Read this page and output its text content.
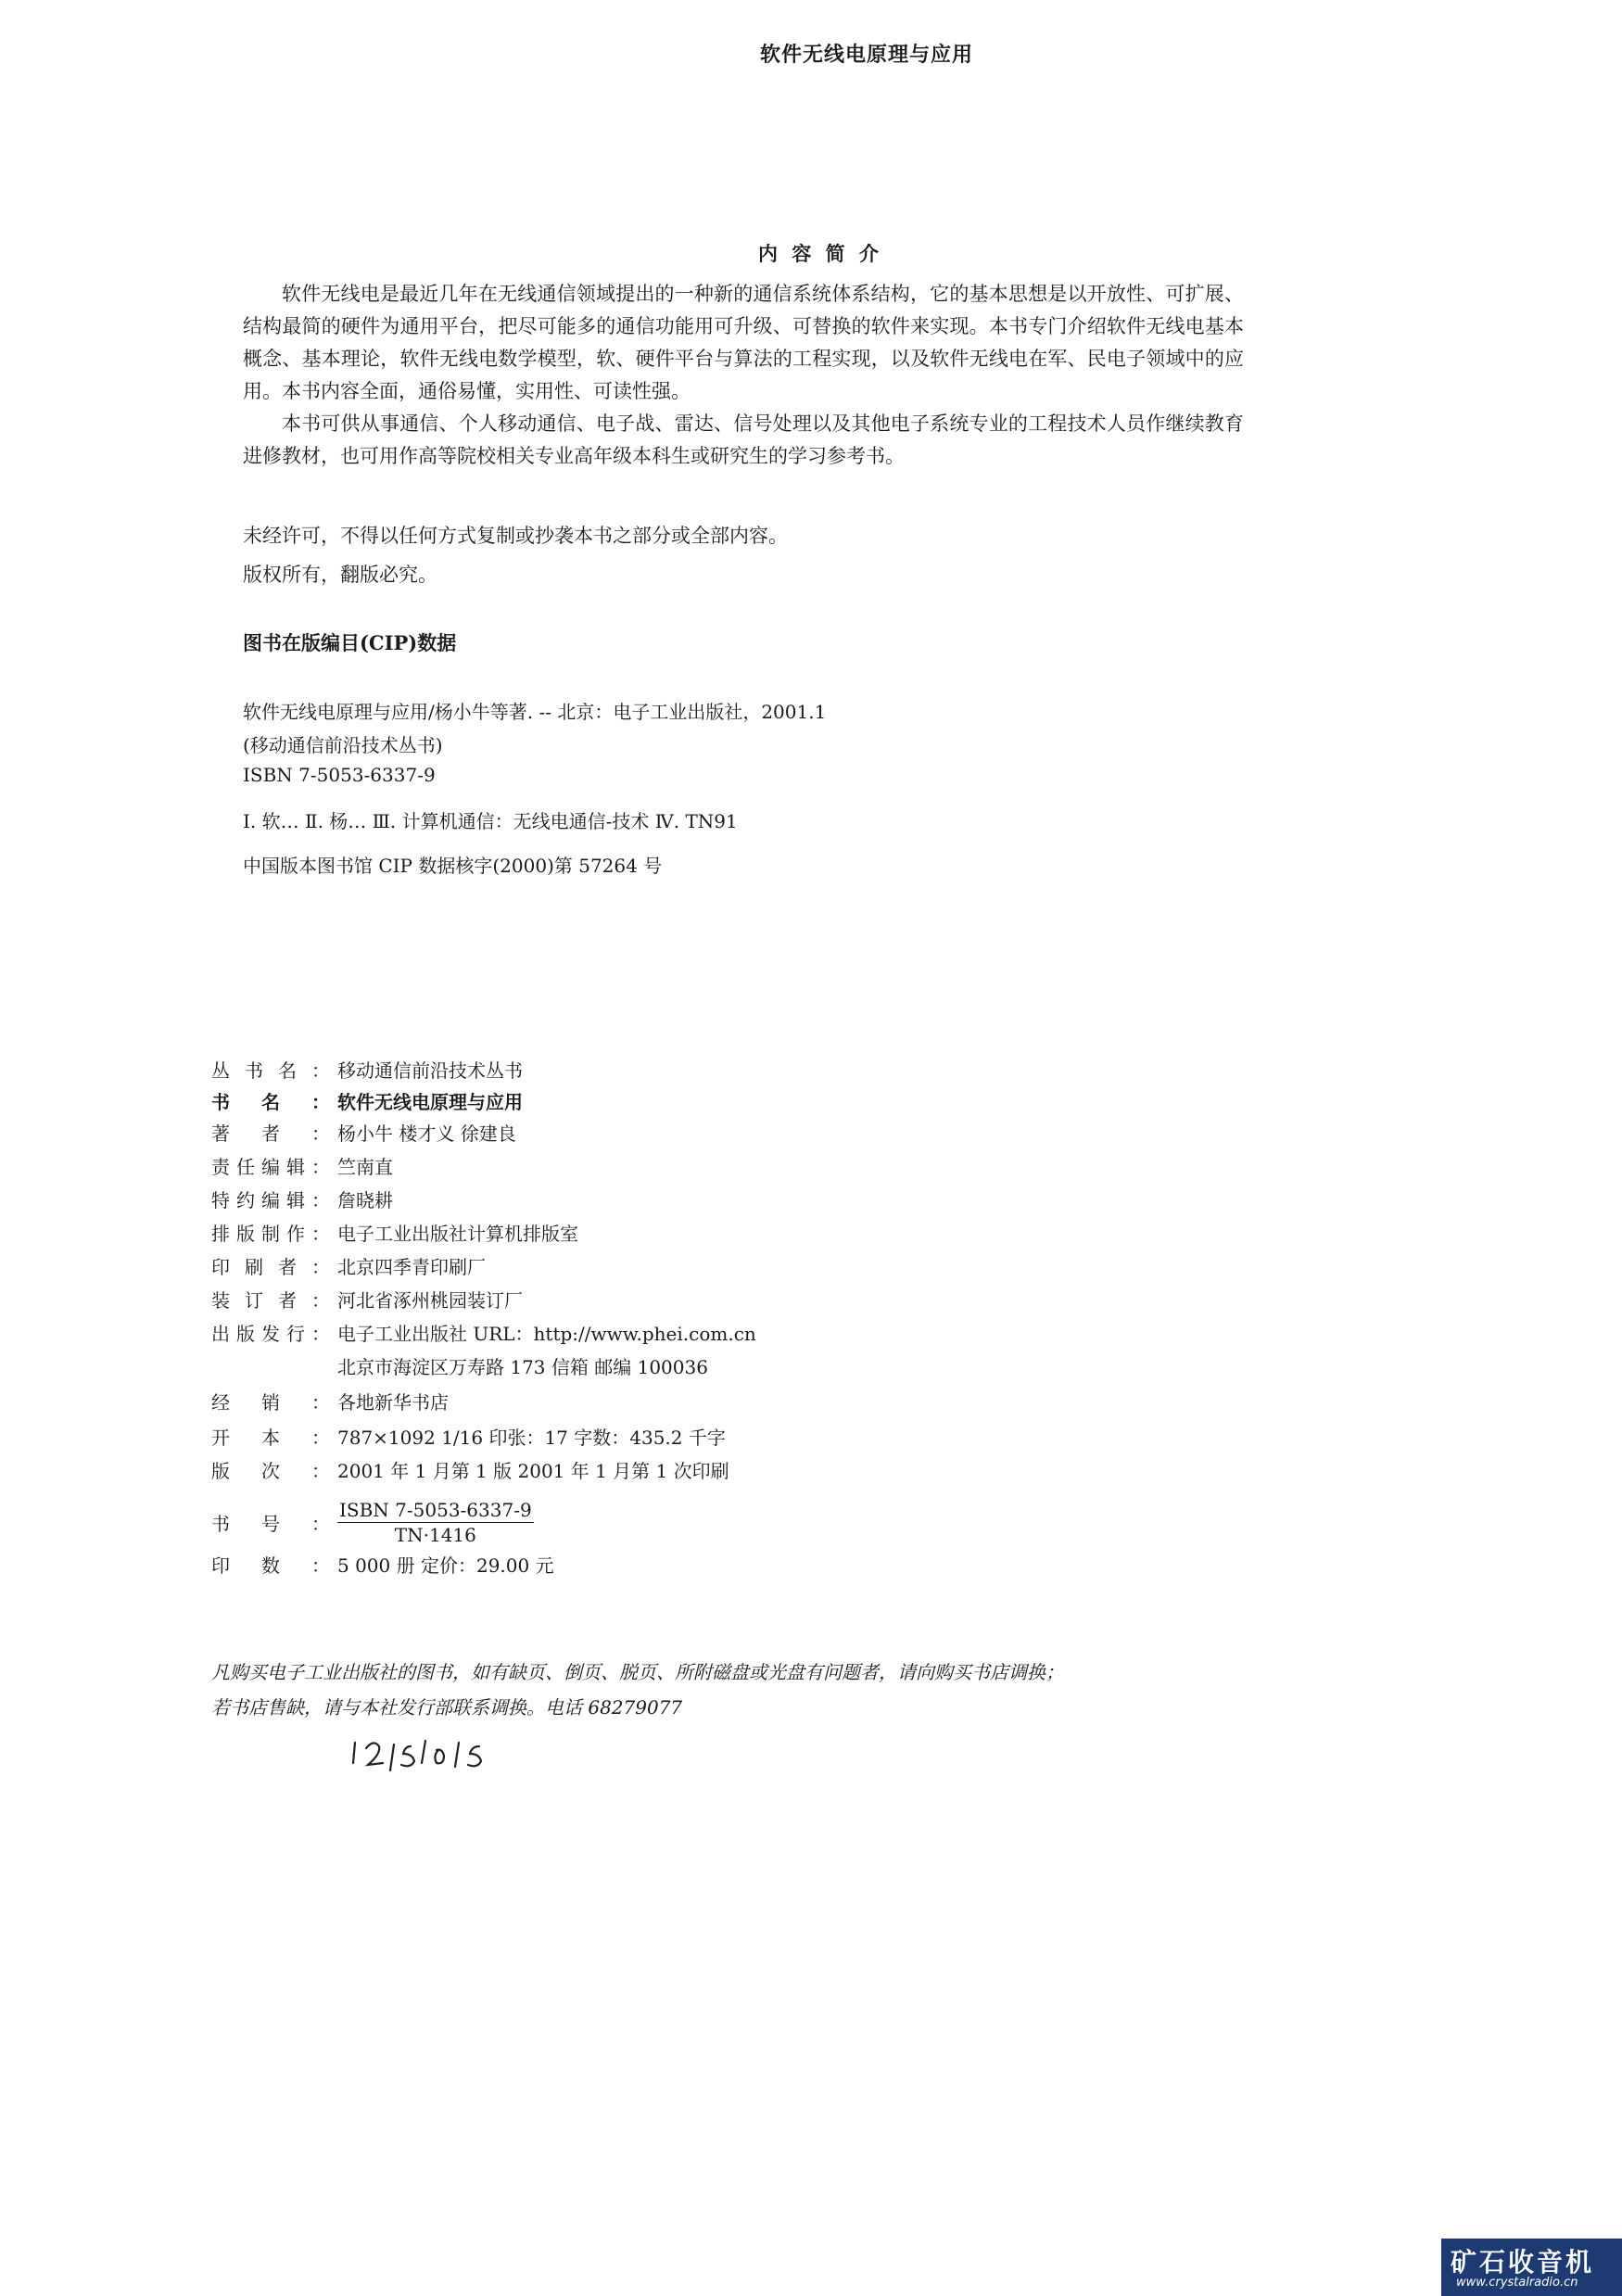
软件无线电原理与应用
内 容 简 介

软件无线电是最近几年在无线通信领域提出的一种新的通信系统体系结构，它的基本思想是以开放性、可扩展、结构最简的硬件为通用平台，把尽可能多的通信功能用可升级、可替换的软件来实现。本书专门介绍软件无线电基本概念、基本理论，软件无线电数学模型，软、硬件平台与算法的工程实现，以及软件无线电在军、民电子领域中的应用。本书内容全面，通俗易懂，实用性、可读性强。

本书可供从事通信、个人移动通信、电子战、雷达、信号处理以及其他电子系统专业的工程技术人员作继续教育进修教材，也可用作高等院校相关专业高年级本科生或研究生的学习参考书。

未经许可，不得以任何方式复制或抄袭本书之部分或全部内容。
版权所有，翻版必究。
图书在版编目(CIP)数据
软件无线电原理与应用/杨小牛等著. -- 北京：电子工业出版社，2001.1
(移动通信前沿技术丛书)
ISBN 7-5053-6337-9
Ⅰ. 软… Ⅱ. 杨… Ⅲ. 计算机通信：无线电通信-技术 Ⅳ. TN91
中国版本图书馆 CIP 数据核字(2000)第 57264 号
丛书名： 移动通信前沿技术丛书
书名： 软件无线电原理与应用
著者： 杨小牛 楼才义 徐建良
责任编辑： 竺南直
特约编辑： 詹晓耕
排版制作： 电子工业出版社计算机排版室
印刷者： 北京四季青印刷厂
装订者： 河北省涿州桃园装订厂
出版发行： 电子工业出版社 URL：http://www.phei.com.cn
北京市海淀区万寿路 173 信箱 邮编 100036
经销： 各地新华书店
开本： 787×1092 1/16 印张：17 字数：435.2 千字
版次： 2001 年 1 月第 1 版 2001 年 1 月第 1 次印刷
书号： $\frac{\text{ISBN 7-5053-6337-9}}{TN\cdot 1416}$
印数： 5 000 册 定价：29.00 元
凡购买电子工业出版社的图书，如有缺页、倒页、脱页、所附磁盘或光盘有问题者，请向购买书店调换；
若书店售缺，请与本社发行部联系调换。电话 68279077
矿石收音机
www.crystalradio.cn
